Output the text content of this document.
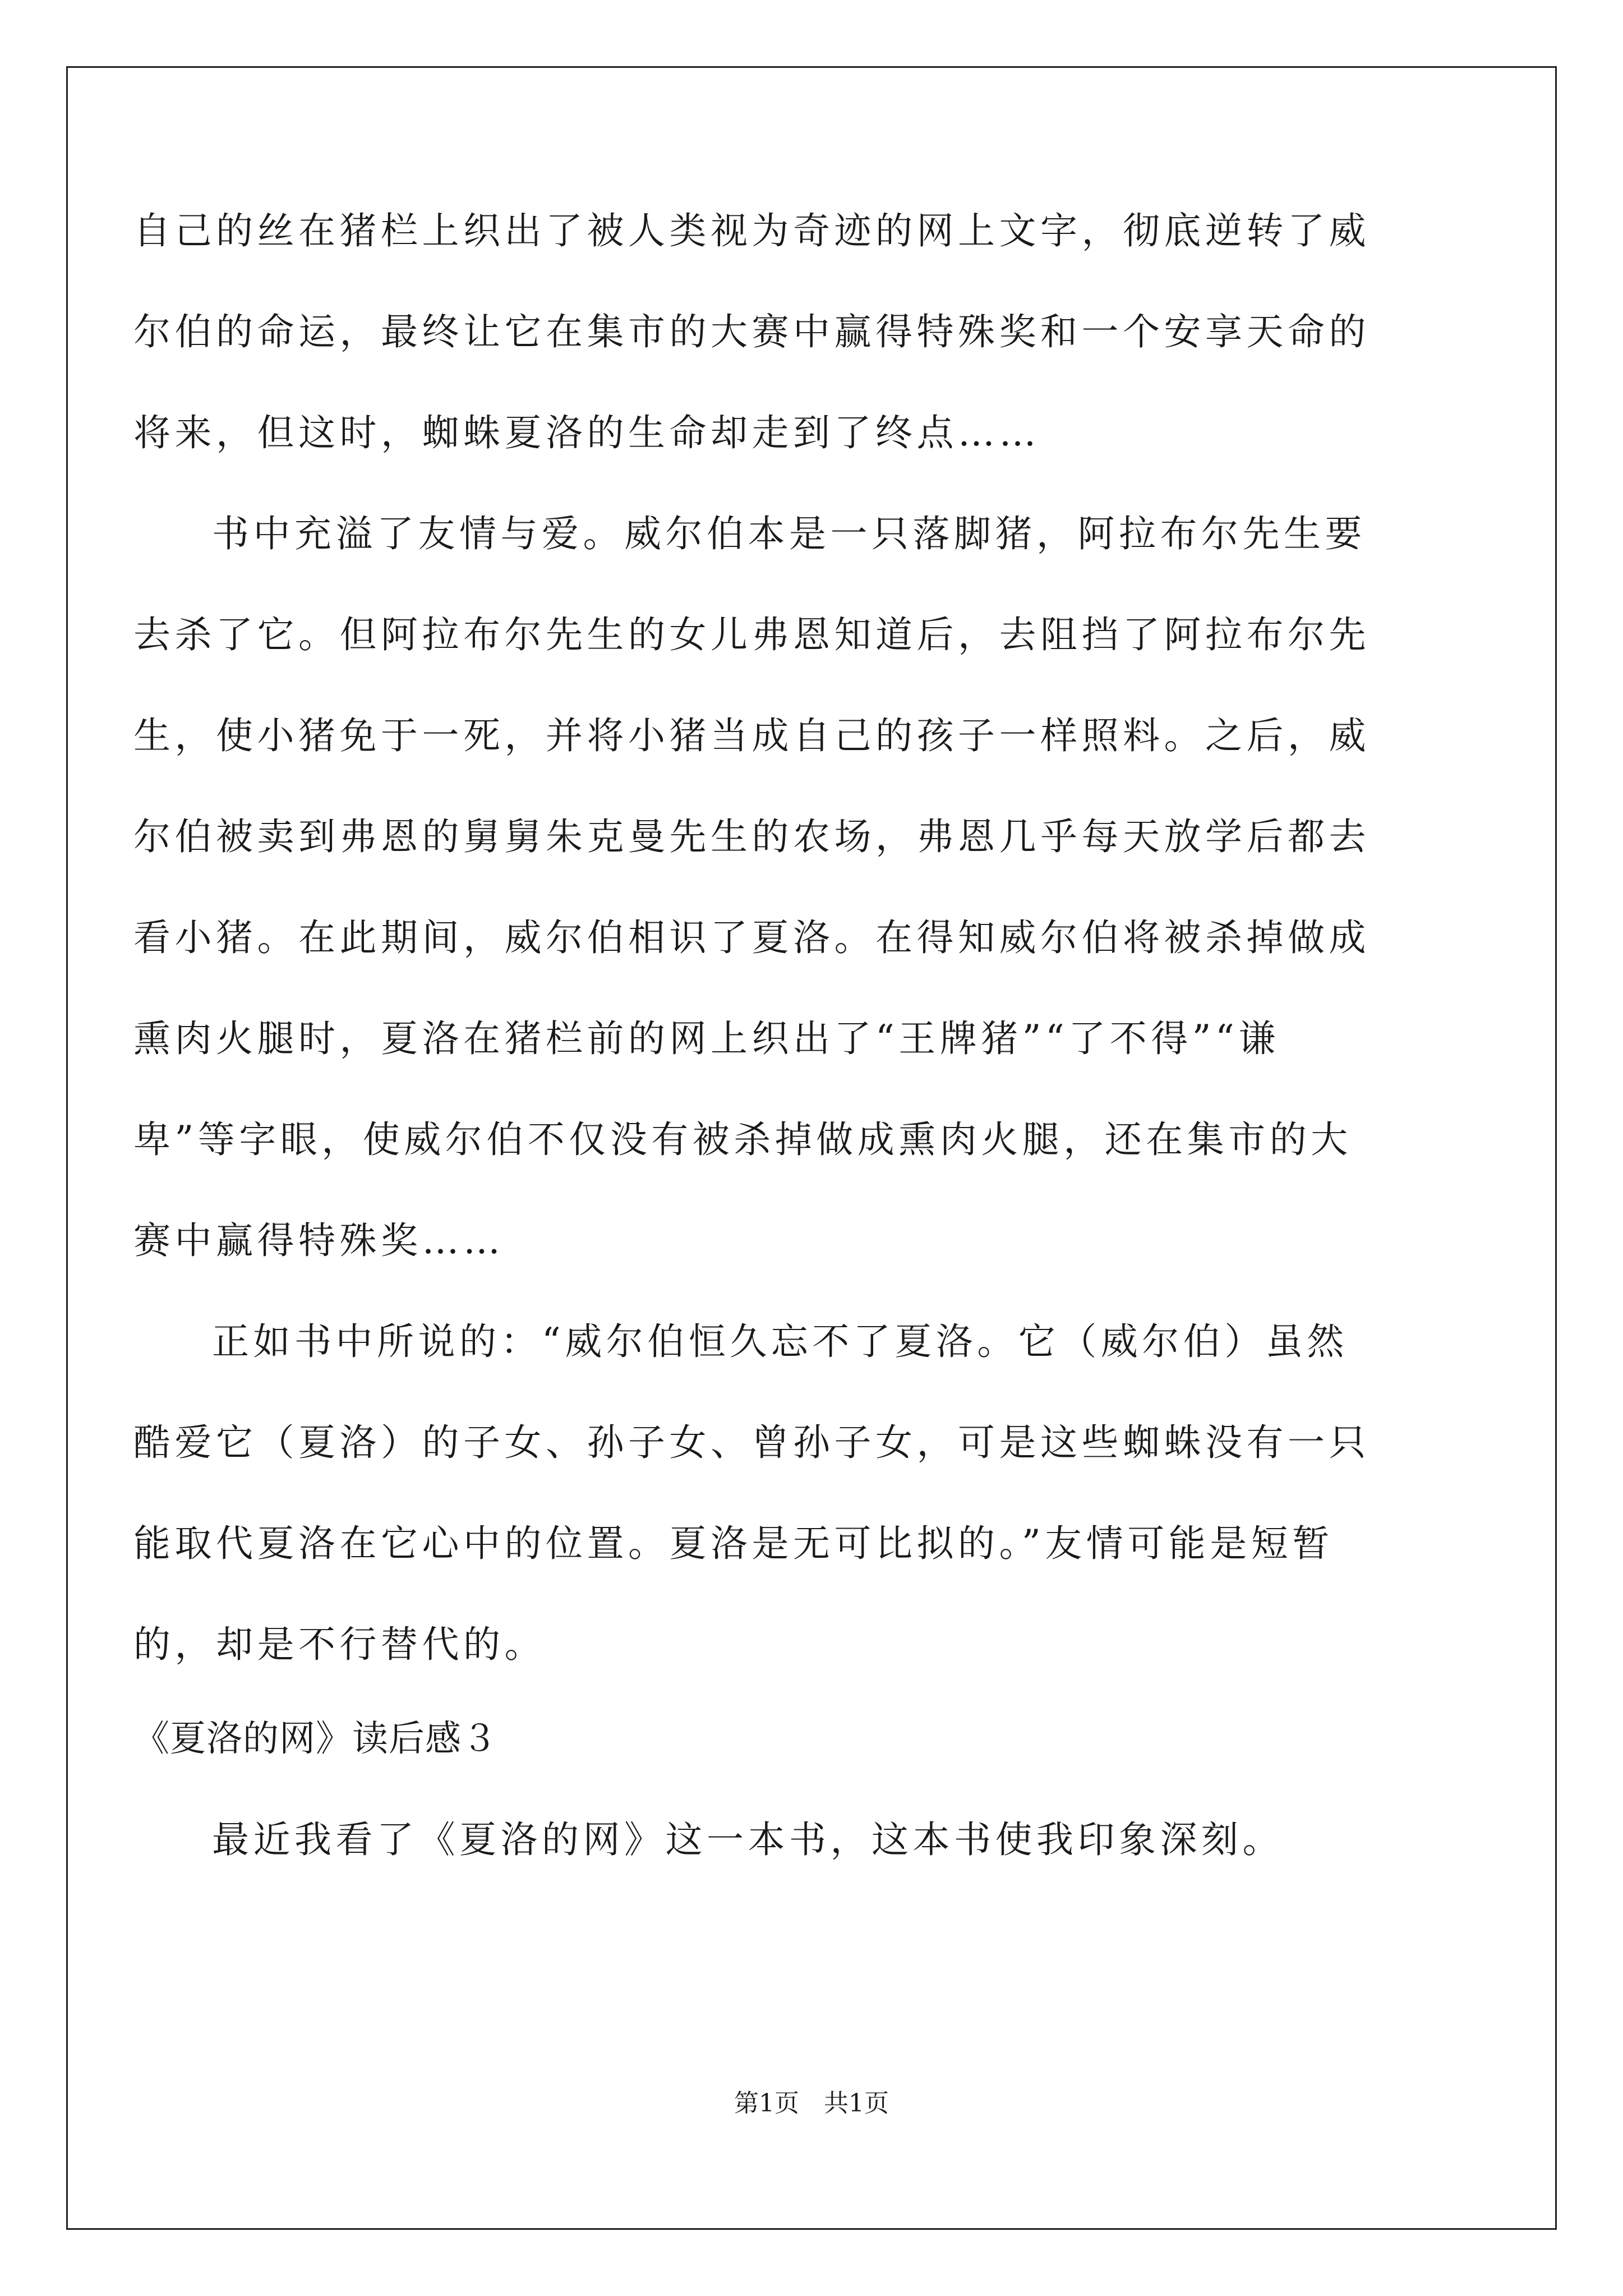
自己的丝在猪栏上织出了被人类视为奇迹的网上文字，彻底逆转了威
尔伯的命运，最终让它在集市的大赛中赢得特殊奖和一个安享天命的
将来，但这时，蜘蛛夏洛的生命却走到了终点……
书中充溢了友情与爱。威尔伯本是一只落脚猪，阿拉布尔先生要
去杀了它。但阿拉布尔先生的女儿弗恩知道后，去阻挡了阿拉布尔先
生，使小猪免于一死，并将小猪当成自己的孩子一样照料。之后，威
尔伯被卖到弗恩的舅舅朱克曼先生的农场，弗恩几乎每天放学后都去
看小猪。在此期间，威尔伯相识了夏洛。在得知威尔伯将被杀掉做成
熏肉火腿时，夏洛在猪栏前的网上织出了“王牌猪”“了不得”“谦
卑”等字眼，使威尔伯不仅没有被杀掉做成熏肉火腿，还在集市的大
赛中赢得特殊奖……
正如书中所说的：“威尔伯恒久忘不了夏洛。它（威尔伯）虽然
酷爱它（夏洛）的子女、孙子女、曾孙子女，可是这些蜘蛛没有一只
能取代夏洛在它心中的位置。夏洛是无可比拟的。”友情可能是短暂
的，却是不行替代的。
《夏洛的网》读后感３
最近我看了《夏洛的网》这一本书，这本书使我印象深刻。
第1页　共1页
